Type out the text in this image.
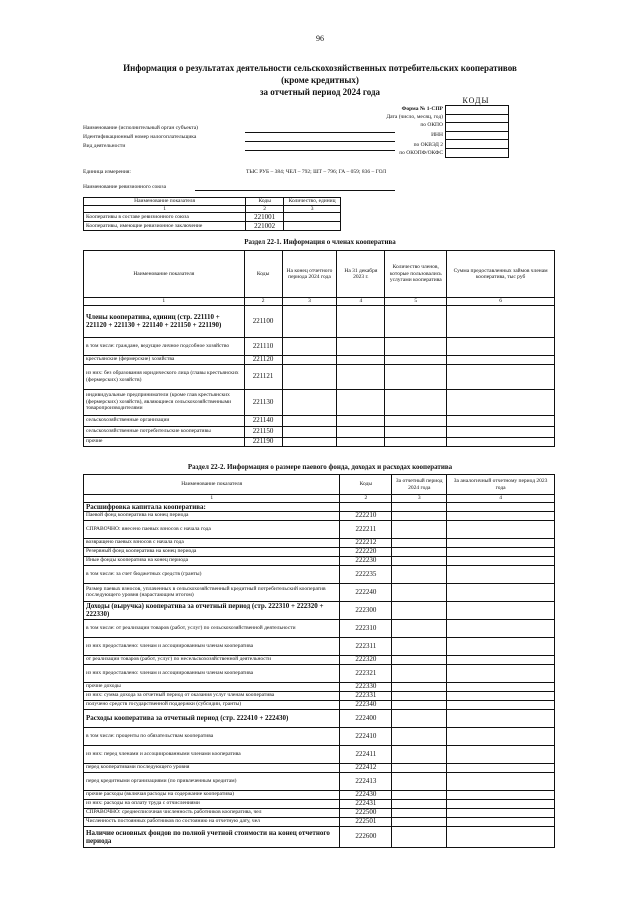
96
Информация о результатах деятельности сельскохозяйственных потребительских кооперативов
(кроме кредитных)
за отчетный период 2024 года
КОДЫ
Форма № 1-СПР
Дата (число, месяц, год)
по ОКПО
ИНН
по ОКВЭД 2
по ОКОПФ/ОКФС
Наименование (исполнительный орган субъекта)
Идентификационный номер налогоплательщика
Вид деятельности
Единица измерения:	ТЫС РУБ – 384; ЧЕЛ – 792; ШТ – 796; ГА – 059; 836 – ГОЛ
Наименование ревизионного союза
Наименование показателя	Коды	Количество, единиц
1	2	3
Кооперативы в составе ревизионного союза	221001	
Кооперативы, имеющие ревизионное заключение	221002	
Раздел 22-1. Информация о членах кооператива
Наименование показателя	Коды	На конец отчетного периода 2024 года	На 31 декабря 2023 г.	Количество членов, которые пользовались услугами кооператива	Сумма предоставленных займов членам кооператива, тыс руб
1	2	3	4	5	6
Члены кооператива, единиц (стр. 221110 + 221120 + 221130 + 221140 + 221150 + 221190)	221100				
в том числе: граждане, ведущие личное подсобное хозяйство	221110				
крестьянские (фермерские) хозяйства	221120				
из них: без образования юридического лица (главы крестьянских (фермерских) хозяйств)	221121				
индивидуальные предприниматели (кроме глав крестьянских (фермерских) хозяйств), являющиеся сельскохозяйственными товаропроизводителями	221130				
сельскохозяйственные организации	221140				
сельскохозяйственные потребительские кооперативы	221150				
прочие	221190				
Раздел 22-2. Информация о размере паевого фонда, доходах и расходах кооператива
Наименование показателя	Коды	За отчетный период 2024 года	За аналогичный отчетному период 2023 года
1	2	3	4
Расшифровка капитала кооператива:			
Паевой фонд кооператива на конец периода	222210		
СПРАВОЧНО: внесено паевых взносов с начала года	222211		
возвращено паевых взносов с начала года	222212		
Резервный фонд кооператива на конец периода	222220		
Иные фонды кооператива на конец периода	222230		
в том числе: за счет бюджетных средств (гранты)	222235		
Размер паевых взносов, уплаченных в сельскохозяйственный кредитный потребительский кооператив последующего уровня (нарастающим итогом)	222240		
Доходы (выручка) кооператива за отчетный период (стр. 222310 + 222320 + 222330)	222300		
в том числе: от реализации товаров (работ, услуг) по сельскохозяйственной деятельности	222310		
из них предоставлено: членам и ассоциированным членам кооператива	222311		
от реализации товаров (работ, услуг) по несельскохозяйственной деятельности	222320		
из них предоставлено: членам и ассоциированным членам кооператива	222321		
прочие доходы	222330		
из них: сумма дохода за отчетный период от оказания услуг членам кооператива	222331		
получено средств государственной поддержки (субсидии, гранты)	222340		
Расходы кооператива за отчетный период (стр. 222410 + 222430)	222400		
в том числе: проценты по обязательствам кооператива	222410		
из них: перед членами и ассоциированными членами кооператива	222411		
перед кооперативами последующего уровня	222412		
перед кредитными организациями (по привлеченным кредитам)	222413		
прочие расходы (включая расходы на содержание кооператива)	222430		
из них: расходы на оплату труда с отчислениями	222431		
СПРАВОЧНО: среднесписочная численность работников кооператива, чел	222500		
Численность постоянных работников по состоянию на отчетную дату, чел	222501		
Наличие основных фондов по полной учетной стоимости на конец отчетного периода	222600		
